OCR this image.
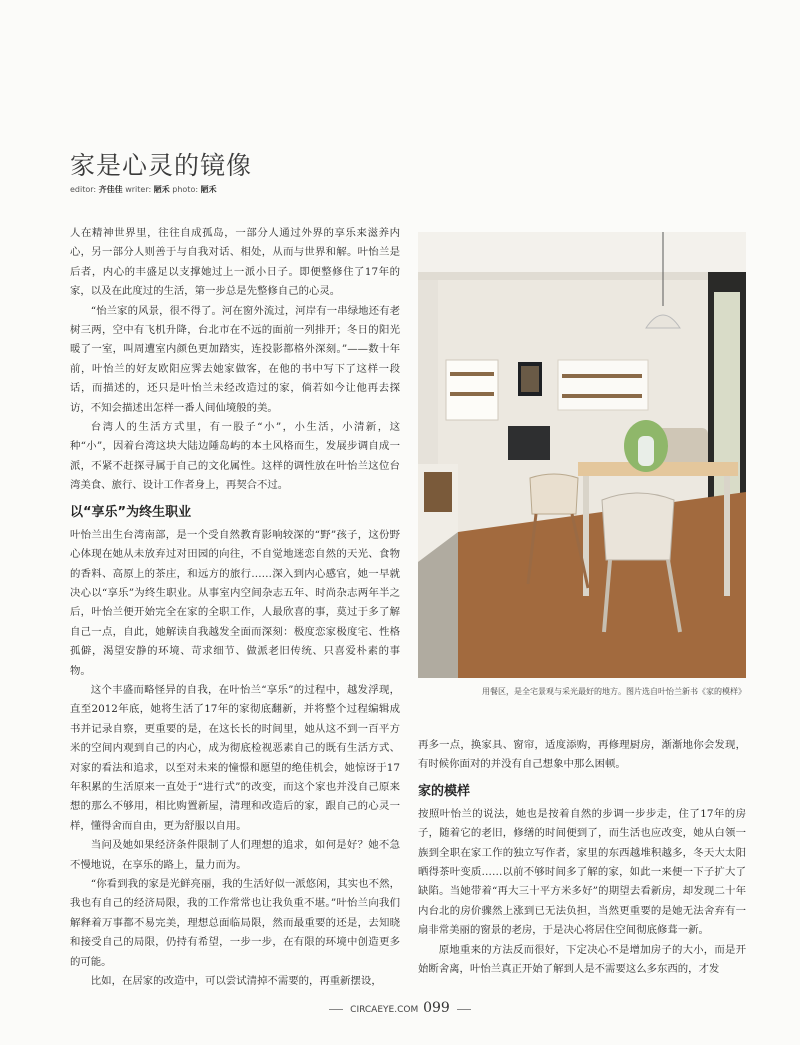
家是心灵的镜像
editor: 齐佳佳 writer: 陋禾 photo: 陋禾

人在精神世界里，往往自成孤岛，一部分人通过外界的享乐来滋养内心，另一部分人则善于与自我对话、相处，从而与世界和解。叶怡兰是后者，内心的丰盛足以支撑她过上一派小日子。即便整修住了17年的家，以及在此度过的生活，第一步总是先整修自己的心灵。

“怡兰家的风景，很不得了。河在窗外流过，河岸有一串绿地还有老树三两，空中有飞机升降，台北市在不远的面前一列排开；冬日的阳光暖了一室，叫周遭室内颜色更加踏实，连投影都格外深刻。”——数十年前，叶怡兰的好友欧阳应霁去她家做客，在他的书中写下了这样一段话，而描述的，还只是叶怡兰未经改造过的家，倘若如今让他再去探访，不知会描述出怎样一番人间仙境般的美。

台湾人的生活方式里，有一股子“小”，小生活，小清新，这种“小”，因着台湾这块大陆边陲岛屿的本土风格而生，发展步调自成一派，不紧不赶探寻属于自己的文化属性。这样的调性放在叶怡兰这位台湾美食、旅行、设计工作者身上，再契合不过。

以“享乐”为终生职业

叶怡兰出生台湾南部，是一个受自然教育影响较深的“野”孩子，这份野心体现在她从未放弃过对田园的向往，不自觉地迷恋自然的天光、食物的香料、高原上的茶庄，和远方的旅行……深入到内心感官，她一早就决心以“享乐”为终生职业。从事室内空间杂志五年、时尚杂志两年半之后，叶怡兰便开始完全在家的全职工作，人最欣喜的事，莫过于多了解自己一点，自此，她解读自我越发全面而深刻：极度恋家极度宅、性格孤僻，渴望安静的环境、苛求细节、做派老旧传统、只喜爱朴素的事物。

这个丰盛而略怪异的自我，在叶怡兰“享乐”的过程中，越发浮现，直至2012年底，她将生活了17年的家彻底翻新，并将整个过程编辑成书并记录自察，更重要的是，在这长长的时间里，她从这不到一百平方米的空间内观到自己的内心，成为彻底检视恶素自己的既有生活方式、对家的看法和追求，以至对未来的憧憬和愿望的绝佳机会，她惊讶于17年积累的生活原来一直处于“进行式”的改变，而这个家也并没自己原来想的那么不够用，相比购置新屋，清理和改造后的家，跟自己的心灵一样，懂得舍而自由，更为舒服以自用。

当问及她如果经济条件限制了人们理想的追求，如何是好？她不急不慢地说，在享乐的路上，量力而为。

“你看到我的家是光鲜亮丽，我的生活好似一派悠闲，其实也不然，我也有自己的经济局限，我的工作常常也让我负重不堪。”叶怡兰向我们解释着万事都不易完美，理想总面临局限，然而最重要的还是，去知晓和接受自己的局限，仍持有希望，一步一步，在有限的环境中创造更多的可能。

比如，在居家的改造中，可以尝试清掉不需要的，再重新摆设，

用餐区，是全宅景观与采光最好的地方。图片选自叶怡兰新书《家的模样》

再多一点，换家具、窗帘，适度添购，再修理厨房，渐渐地你会发现，有时候你面对的并没有自己想象中那么困顿。

家的模样

按照叶怡兰的说法，她也是按着自然的步调一步步走，住了17年的房子，随着它的老旧，修缮的时间便到了，而生活也应改变，她从白领一族到全职在家工作的独立写作者，家里的东西越堆积越多，冬天大太阳晒得茶叶变质……以前不够时间多了解的家，如此一来便一下子扩大了缺陷。当她带着“再大三十平方米多好”的期望去看新房，却发现二十年内台北的房价骤然上涨到已无法负担，当然更重要的是她无法舍弃有一扇非常美丽的窗景的老房，于是决心将居住空间彻底修葺一新。

原地重来的方法反而很好，下定决心不是增加房子的大小，而是开始断舍离，叶怡兰真正开始了解到人是不需要这么多东西的，才发

CIRCAEYE.COM 099
